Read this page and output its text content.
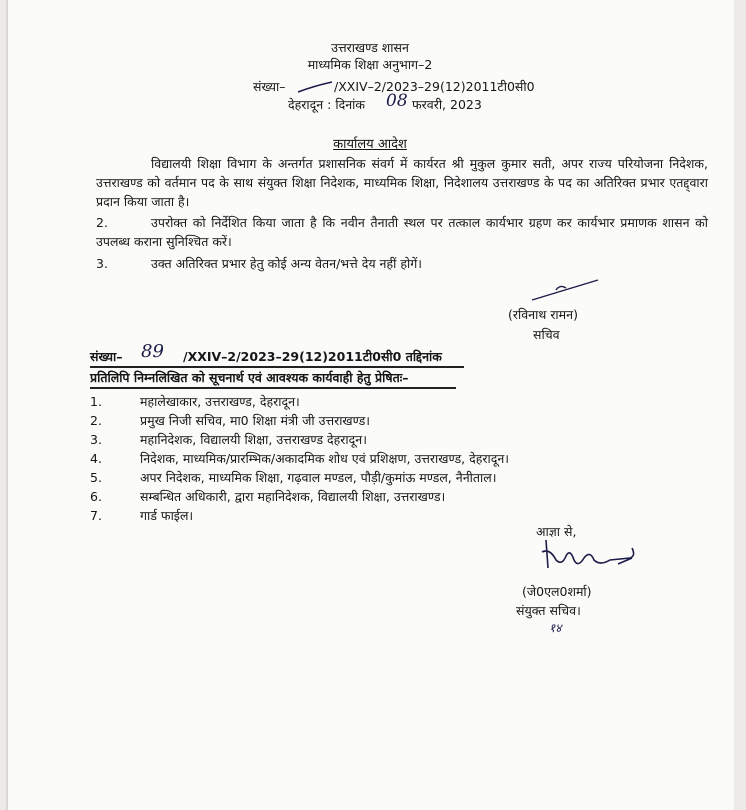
उत्तराखण्ड शासन
माध्यमिक शिक्षा अनुभाग–2
संख्या–	/XXIV–2/2023–29(12)2011टी0सी0
देहरादून : दिनांक 08 फरवरी, 2023
कार्यालय आदेश
विद्यालयी शिक्षा विभाग के अन्तर्गत प्रशासनिक संवर्ग में कार्यरत श्री मुकुल कुमार सती, अपर राज्य परियोजना निदेशक, उत्तराखण्ड को वर्तमान पद के साथ संयुक्त शिक्षा निदेशक, माध्यमिक शिक्षा, निदेशालय उत्तराखण्ड के पद का अतिरिक्त प्रभार एतद्द्वारा प्रदान किया जाता है।
2.	उपरोक्त को निर्देशित किया जाता है कि नवीन तैनाती स्थल पर तत्काल कार्यभार ग्रहण कर कार्यभार प्रमाणक शासन को उपलब्ध कराना सुनिश्चित करें।
3.	उक्त अतिरिक्त प्रभार हेतु कोई अन्य वेतन/भत्ते देय नहीं होगें।
(रविनाथ रामन)
सचिव
संख्या– 89 /XXIV–2/2023–29(12)2011टी0सी0 तद्दिनांक
प्रतिलिपि निम्नलिखित को सूचनार्थ एवं आवश्यक कार्यवाही हेतु प्रेषितः–
1.	महालेखाकार, उत्तराखण्ड, देहरादून।
2.	प्रमुख निजी सचिव, मा0 शिक्षा मंत्री जी उत्तराखण्ड।
3.	महानिदेशक, विद्यालयी शिक्षा, उत्तराखण्ड देहरादून।
4.	निदेशक, माध्यमिक/प्रारम्भिक/अकादमिक शोध एवं प्रशिक्षण, उत्तराखण्ड, देहरादून।
5.	अपर निदेशक, माध्यमिक शिक्षा, गढ़वाल मण्डल, पौड़ी/कुमांऊ मण्डल, नैनीताल।
6.	सम्बन्धित अधिकारी, द्वारा महानिदेशक, विद्यालयी शिक्षा, उत्तराखण्ड।
7.	गार्ड फाईल।
आज्ञा से,
(जे0एल0शर्मा)
संयुक्त सचिव।
१४
